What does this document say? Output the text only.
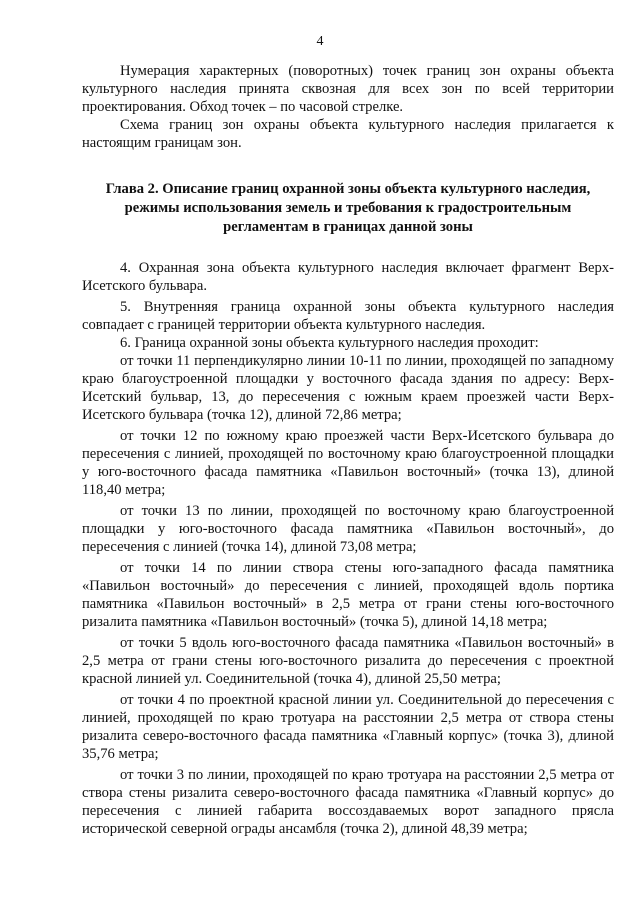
4

Нумерация характерных (поворотных) точек границ зон охраны объекта культурного наследия принята сквозная для всех зон по всей территории проектирования. Обход точек – по часовой стрелке.

Схема границ зон охраны объекта культурного наследия прилагается к настоящим границам зон.

Глава 2. Описание границ охранной зоны объекта культурного наследия, режимы использования земель и требования к градостроительным регламентам в границах данной зоны

4. Охранная зона объекта культурного наследия включает фрагмент Верх-Исетского бульвара.

5. Внутренняя граница охранной зоны объекта культурного наследия совпадает с границей территории объекта культурного наследия.

6. Граница охранной зоны объекта культурного наследия проходит:

от точки 11 перпендикулярно линии 10-11 по линии, проходящей по западному краю благоустроенной площадки у восточного фасада здания по адресу: Верх-Исетский бульвар, 13, до пересечения с южным краем проезжей части Верх-Исетского бульвара (точка 12), длиной 72,86 метра;

от точки 12 по южному краю проезжей части Верх-Исетского бульвара до пересечения с линией, проходящей по восточному краю благоустроенной площадки у юго-восточного фасада памятника «Павильон восточный» (точка 13), длиной 118,40 метра;

от точки 13 по линии, проходящей по восточному краю благоустроенной площадки у юго-восточного фасада памятника «Павильон восточный», до пересечения с линией (точка 14), длиной 73,08 метра;

от точки 14 по линии створа стены юго-западного фасада памятника «Павильон восточный» до пересечения с линией, проходящей вдоль портика памятника «Павильон восточный» в 2,5 метра от грани стены юго-восточного ризалита памятника «Павильон восточный» (точка 5), длиной 14,18 метра;

от точки 5 вдоль юго-восточного фасада памятника «Павильон восточный» в 2,5 метра от грани стены юго-восточного ризалита до пересечения с проектной красной линией ул. Соединительной (точка 4), длиной 25,50 метра;

от точки 4 по проектной красной линии ул. Соединительной до пересечения с линией, проходящей по краю тротуара на расстоянии 2,5 метра от створа стены ризалита северо-восточного фасада памятника «Главный корпус» (точка 3), длиной 35,76 метра;

от точки 3 по линии, проходящей по краю тротуара на расстоянии 2,5 метра от створа стены ризалита северо-восточного фасада памятника «Главный корпус» до пересечения с линией габарита воссоздаваемых ворот западного прясла исторической северной ограды ансамбля (точка 2), длиной 48,39 метра;
